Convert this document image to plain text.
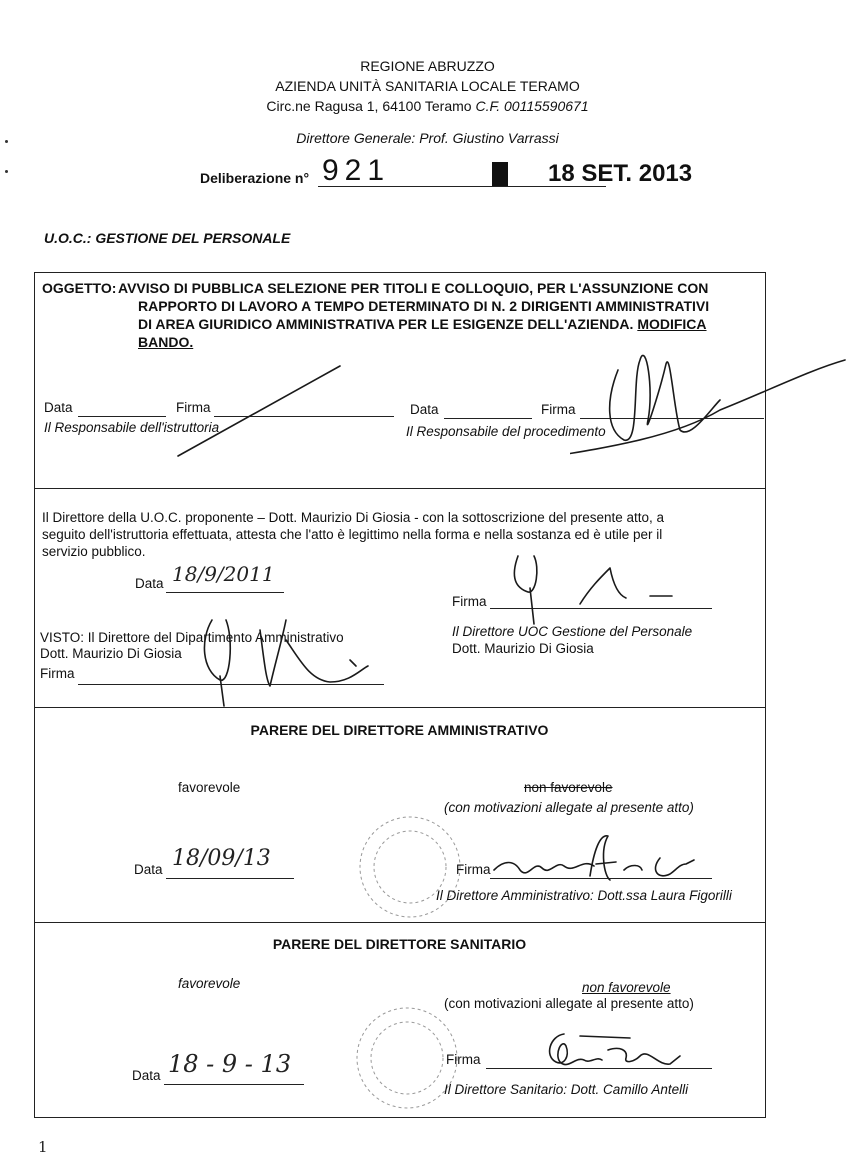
REGIONE ABRUZZO
AZIENDA UNITÀ SANITARIA LOCALE TERAMO
Circ.ne Ragusa 1, 64100 Teramo C.F. 00115590671
Direttore Generale: Prof. Giustino Varrassi
Deliberazione n° 921	18 SET. 2013
U.O.C.: GESTIONE DEL PERSONALE
OGGETTO: AVVISO DI PUBBLICA SELEZIONE PER TITOLI E COLLOQUIO, PER L'ASSUNZIONE CON
RAPPORTO DI LAVORO A TEMPO DETERMINATO DI N. 2 DIRIGENTI AMMINISTRATIVI
DI AREA GIURIDICO AMMINISTRATIVA PER LE ESIGENZE DELL'AZIENDA. MODIFICA
BANDO.
Data	Firma
Il Responsabile dell'istruttoria
Data	Firma
Il Responsabile del procedimento
Il Direttore della U.O.C. proponente – Dott. Maurizio Di Giosia - con la sottoscrizione del presente atto, a
seguito dell'istruttoria effettuata, attesta che l'atto è legittimo nella forma e nella sostanza ed è utile per il
servizio pubblico.
Data 18/9/2011
Firma
VISTO: Il Direttore del Dipartimento Amministrativo
Dott. Maurizio Di Giosia
Firma
Il Direttore UOC Gestione del Personale
Dott. Maurizio Di Giosia
PARERE DEL DIRETTORE AMMINISTRATIVO
favorevole	non favorevole
(con motivazioni allegate al presente atto)
Data 18/09/13	Firma
Il Direttore Amministrativo: Dott.ssa Laura Figorilli
PARERE DEL DIRETTORE SANITARIO
favorevole	non favorevole
(con motivazioni allegate al presente atto)
Data 18 - 9 - 13	Firma
Il Direttore Sanitario: Dott. Camillo Antelli
1
